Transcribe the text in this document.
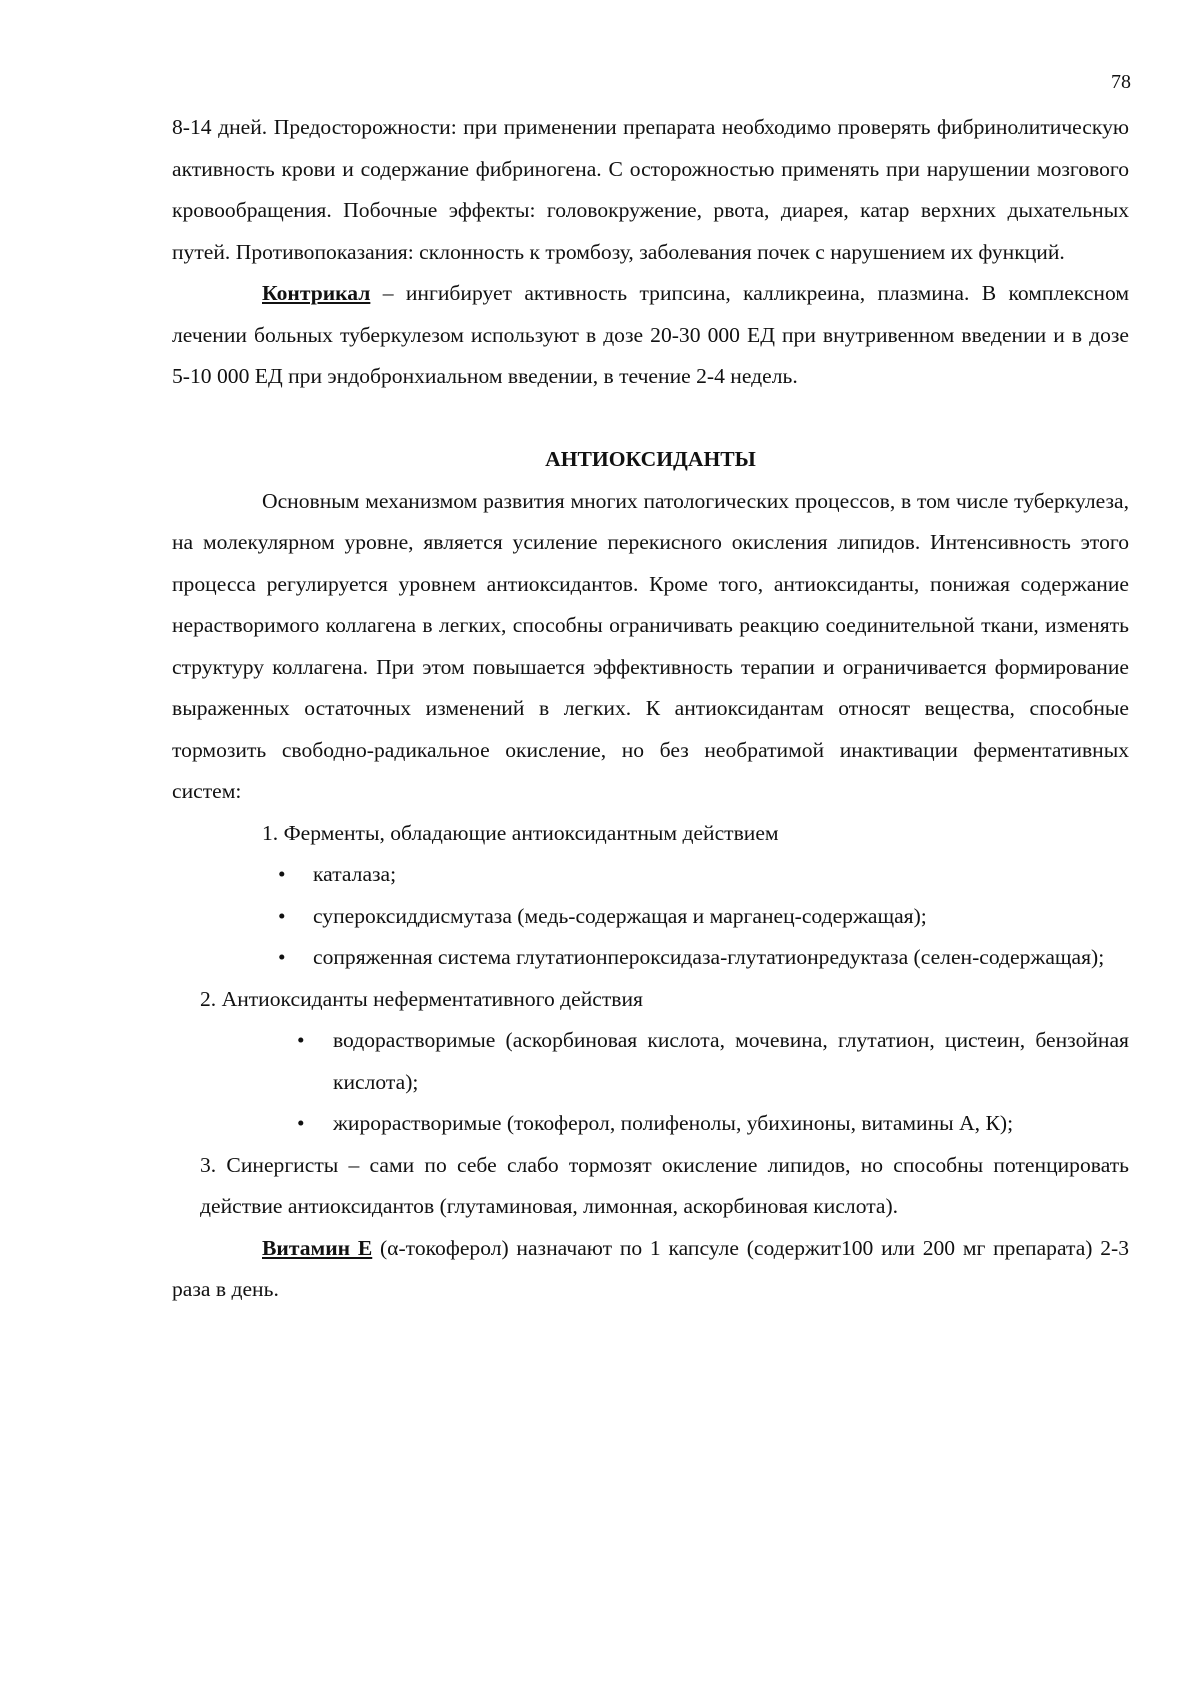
78

8-14 дней. Предосторожности: при применении препарата необходимо проверять фибринолитическую активность крови и содержание фибриногена. С осторожностью применять при нарушении мозгового кровообращения. Побочные эффекты: головокружение, рвота, диарея, катар верхних дыхательных путей. Противопоказания: склонность к тромбозу, заболевания почек с нарушением их функций.

Контрикал – ингибирует активность трипсина, калликреина, плазмина. В комплексном лечении больных туберкулезом используют в дозе 20-30 000 ЕД при внутривенном введении и в дозе 5-10 000 ЕД при эндобронхиальном введении, в течение 2-4 недель.

АНТИОКСИДАНТЫ

Основным механизмом развития многих патологических процессов, в том числе туберкулеза, на молекулярном уровне, является усиление перекисного окисления липидов. Интенсивность этого процесса регулируется уровнем антиоксидантов. Кроме того, антиоксиданты, понижая содержание нерастворимого коллагена в легких, способны ограничивать реакцию соединительной ткани, изменять структуру коллагена. При этом повышается эффективность терапии и ограничивается формирование выраженных остаточных изменений в легких. К антиоксидантам относят вещества, способные тормозить свободно-радикальное окисление, но без необратимой инактивации ферментативных систем:

1. Ферменты, обладающие антиоксидантным действием

• каталаза;
• супероксиддисмутаза (медь-содержащая и марганец-содержащая);
• сопряженная система глутатионпероксидаза-глутатионредуктаза (селен-содержащая);

2. Антиоксиданты неферментативного действия

• водорастворимые (аскорбиновая кислота, мочевина, глутатион, цистеин, бензойная кислота);
• жирорастворимые (токоферол, полифенолы, убихиноны, витамины А, К);

3. Синергисты – сами по себе слабо тормозят окисление липидов, но способны потенцировать действие антиоксидантов (глутаминовая, лимонная, аскорбиновая кислота).

Витамин Е (α-токоферол) назначают по 1 капсуле (содержит100 или 200 мг препарата) 2-3 раза в день.
